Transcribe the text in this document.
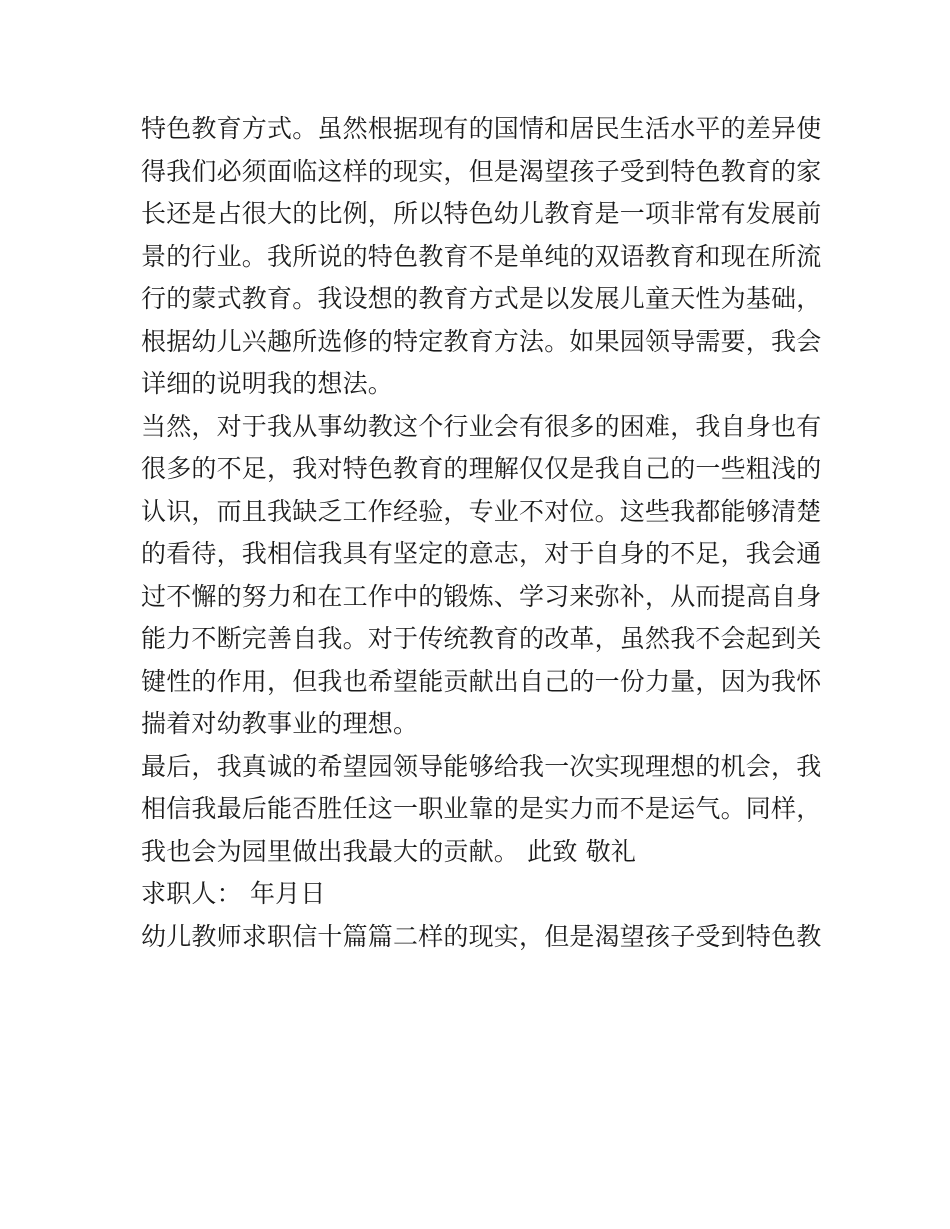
特色教育方式。虽然根据现有的国情和居民生活水平的差异使
得我们必须面临这样的现实，但是渴望孩子受到特色教育的家
长还是占很大的比例，所以特色幼儿教育是一项非常有发展前
景的行业。我所说的特色教育不是单纯的双语教育和现在所流
行的蒙式教育。我设想的教育方式是以发展儿童天性为基础，
根据幼儿兴趣所选修的特定教育方法。如果园领导需要，我会
详细的说明我的想法。
当然，对于我从事幼教这个行业会有很多的困难，我自身也有
很多的不足，我对特色教育的理解仅仅是我自己的一些粗浅的
认识，而且我缺乏工作经验，专业不对位。这些我都能够清楚
的看待，我相信我具有坚定的意志，对于自身的不足，我会通
过不懈的努力和在工作中的锻炼、学习来弥补，从而提高自身
能力不断完善自我。对于传统教育的改革，虽然我不会起到关
键性的作用，但我也希望能贡献出自己的一份力量，因为我怀
揣着对幼教事业的理想。
最后，我真诚的希望园领导能够给我一次实现理想的机会，我
相信我最后能否胜任这一职业靠的是实力而不是运气。同样，
我也会为园里做出我最大的贡献。 此致 敬礼
求职人： 年月日
幼儿教师求职信十篇篇二样的现实，但是渴望孩子受到特色教
